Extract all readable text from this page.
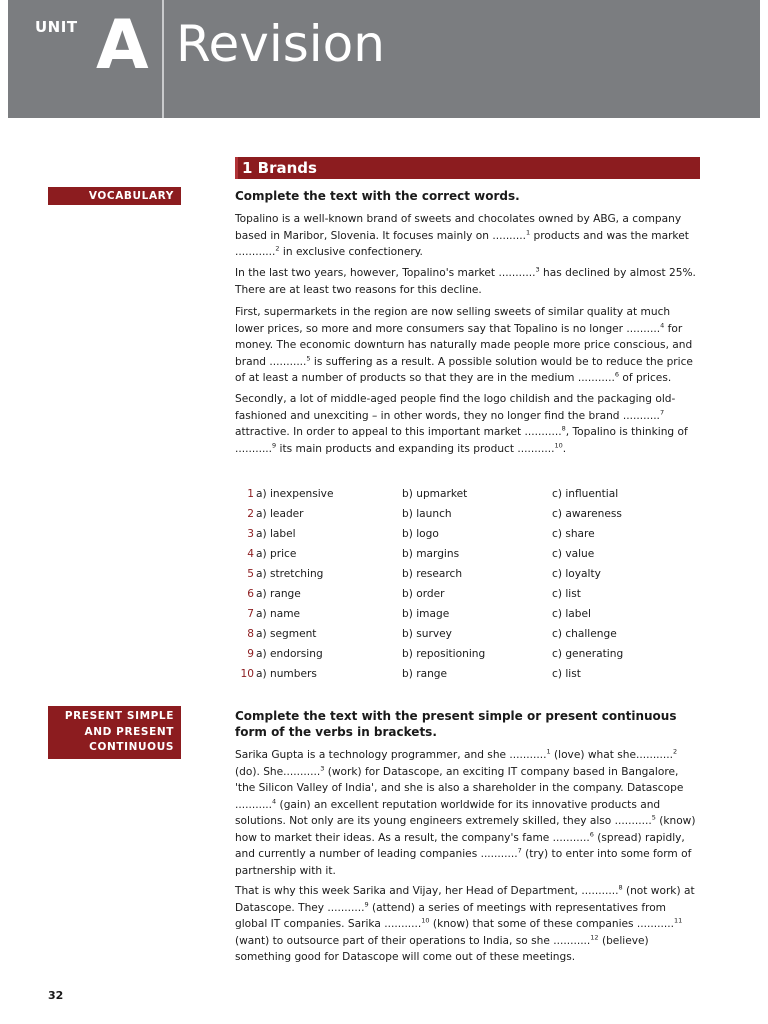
UNIT A Revision
1 Brands
VOCABULARY	Complete the text with the correct words.

Topalino is a well-known brand of sweets and chocolates owned by ABG, a company based in Maribor, Slovenia. It focuses mainly on ..........$^1$ products and was the market ............$^2$ in exclusive confectionery.

In the last two years, however, Topalino's market ...........$^3$ has declined by almost 25%. There are at least two reasons for this decline.

First, supermarkets in the region are now selling sweets of similar quality at much lower prices, so more and more consumers say that Topalino is no longer ..........$^4$ for money. The economic downturn has naturally made people more price conscious, and brand ...........$^5$ is suffering as a result. A possible solution would be to reduce the price of at least a number of products so that they are in the medium ...........$^6$ of prices.

Secondly, a lot of middle-aged people find the logo childish and the packaging old-fashioned and unexciting – in other words, they no longer find the brand ...........$^7$ attractive. In order to appeal to this important market ...........$^8$, Topalino is thinking of ...........$^9$ its main products and expanding its product ...........$^{10}$.

1 a) inexpensive	b) upmarket	c) influential
2 a) leader	b) launch	c) awareness
3 a) label	b) logo	c) share
4 a) price	b) margins	c) value
5 a) stretching	b) research	c) loyalty
6 a) range	b) order	c) list
7 a) name	b) image	c) label
8 a) segment	b) survey	c) challenge
9 a) endorsing	b) repositioning	c) generating
10 a) numbers	b) range	c) list
PRESENT SIMPLE
AND PRESENT
CONTINUOUS
Complete the text with the present simple or present continuous form of the verbs in brackets.

Sarika Gupta is a technology programmer, and she ...........$^1$ (love) what she...........$^2$ (do). She...........$^3$ (work) for Datascope, an exciting IT company based in Bangalore, 'the Silicon Valley of India', and she is also a shareholder in the company. Datascope ...........$^4$ (gain) an excellent reputation worldwide for its innovative products and solutions. Not only are its young engineers extremely skilled, they also ...........$^5$ (know) how to market their ideas. As a result, the company's fame ...........$^6$ (spread) rapidly, and currently a number of leading companies ...........$^7$ (try) to enter into some form of partnership with it.

That is why this week Sarika and Vijay, her Head of Department, ...........$^8$ (not work) at Datascope. They ...........$^9$ (attend) a series of meetings with representatives from global IT companies. Sarika ...........$^{10}$ (know) that some of these companies ...........$^{11}$ (want) to outsource part of their operations to India, so she ...........$^{12}$ (believe) something good for Datascope will come out of these meetings.

32
